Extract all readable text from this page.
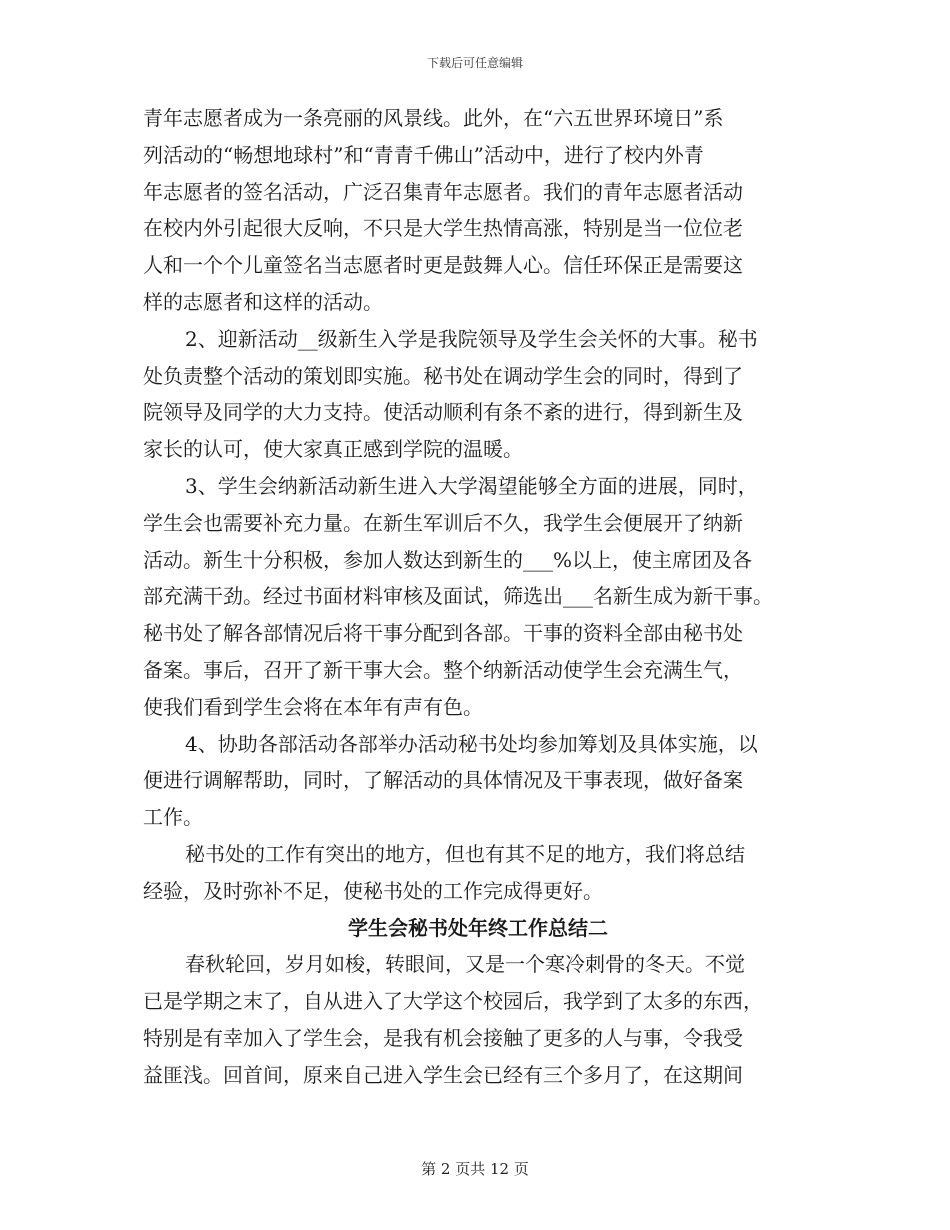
下载后可任意编辑
青年志愿者成为一条亮丽的风景线。此外，在“六五世界环境日”系
列活动的“畅想地球村”和“青青千佛山”活动中，进行了校内外青
年志愿者的签名活动，广泛召集青年志愿者。我们的青年志愿者活动
在校内外引起很大反响，不只是大学生热情高涨，特别是当一位位老
人和一个个儿童签名当志愿者时更是鼓舞人心。信任环保正是需要这
样的志愿者和这样的活动。
2、迎新活动__级新生入学是我院领导及学生会关怀的大事。秘书
处负责整个活动的策划即实施。秘书处在调动学生会的同时，得到了
院领导及同学的大力支持。使活动顺利有条不紊的进行，得到新生及
家长的认可，使大家真正感到学院的温暖。
3、学生会纳新活动新生进入大学渴望能够全方面的进展，同时，
学生会也需要补充力量。在新生军训后不久，我学生会便展开了纳新
活动。新生十分积极，参加人数达到新生的___%以上，使主席团及各
部充满干劲。经过书面材料审核及面试，筛选出___名新生成为新干事。
秘书处了解各部情况后将干事分配到各部。干事的资料全部由秘书处
备案。事后，召开了新干事大会。整个纳新活动使学生会充满生气，
使我们看到学生会将在本年有声有色。
4、协助各部活动各部举办活动秘书处均参加筹划及具体实施，以
便进行调解帮助，同时，了解活动的具体情况及干事表现，做好备案
工作。
秘书处的工作有突出的地方，但也有其不足的地方，我们将总结
经验，及时弥补不足，使秘书处的工作完成得更好。
学生会秘书处年终工作总结二
春秋轮回，岁月如梭，转眼间，又是一个寒冷刺骨的冬天。不觉
已是学期之末了，自从进入了大学这个校园后，我学到了太多的东西，
特别是有幸加入了学生会，是我有机会接触了更多的人与事，令我受
益匪浅。回首间，原来自己进入学生会已经有三个多月了，在这期间
第 2 页共 12 页
